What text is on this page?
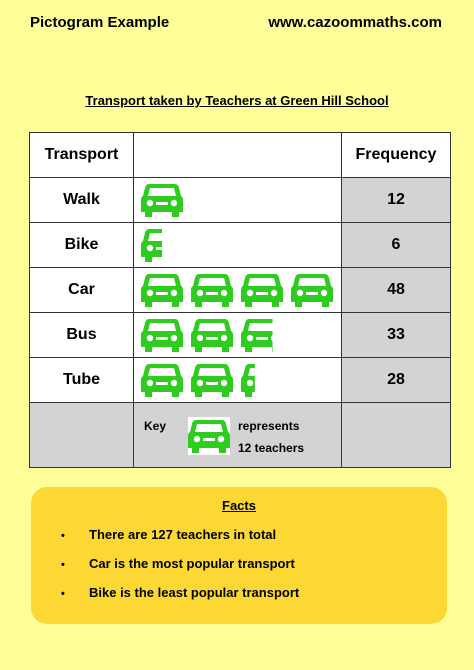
Pictogram Example	www.cazoommaths.com
Transport taken by Teachers at Green Hill School
Transport		Frequency
Walk		12
Bike		6
Car		48
Bus		33
Tube		28

	Key represents
12 teachers	

Facts
• There are 127 teachers in total
• Car is the most popular transport
• Bike is the least popular transport
